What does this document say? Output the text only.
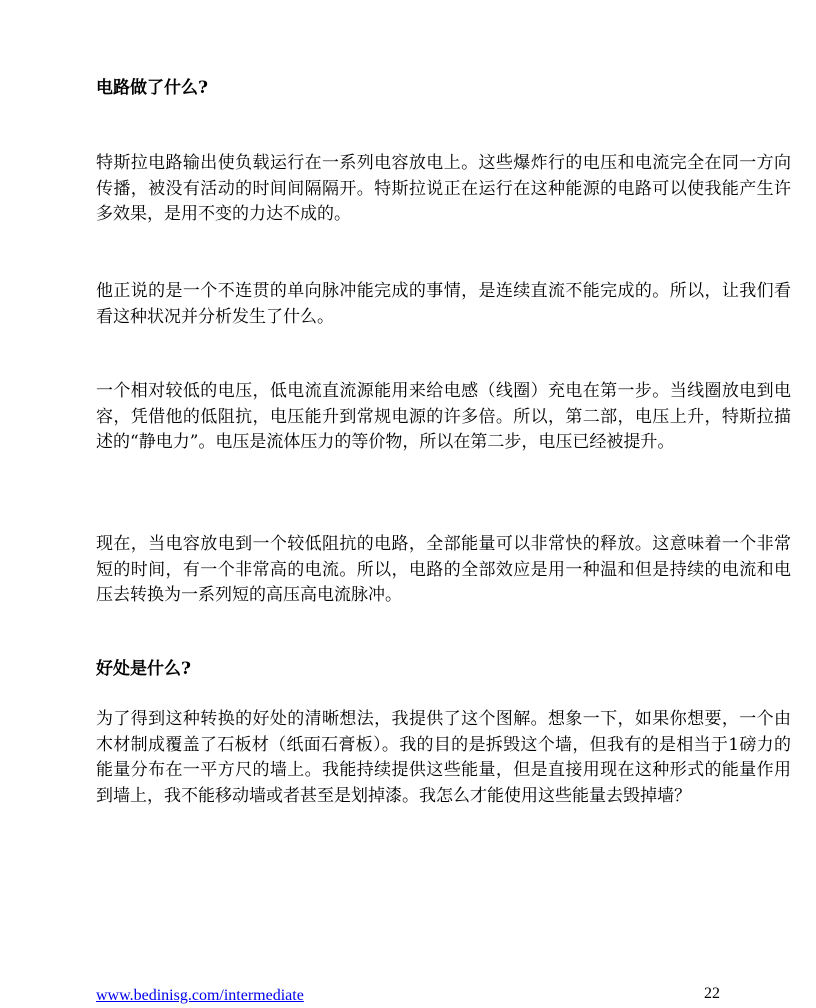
电路做了什么?
特斯拉电路输出使负载运行在一系列电容放电上。这些爆炸行的电压和电流完全在同一方向传播，被没有活动的时间间隔隔开。特斯拉说正在运行在这种能源的电路可以使我能产生许多效果，是用不变的力达不成的。
他正说的是一个不连贯的单向脉冲能完成的事情，是连续直流不能完成的。所以，让我们看看这种状况并分析发生了什么。
一个相对较低的电压，低电流直流源能用来给电感（线圈）充电在第一步。当线圈放电到电容，凭借他的低阻抗，电压能升到常规电源的许多倍。所以，第二部，电压上升，特斯拉描述的“静电力”。电压是流体压力的等价物，所以在第二步，电压已经被提升。
现在，当电容放电到一个较低阻抗的电路，全部能量可以非常快的释放。这意味着一个非常短的时间，有一个非常高的电流。所以，电路的全部效应是用一种温和但是持续的电流和电压去转换为一系列短的高压高电流脉冲。
好处是什么?
为了得到这种转换的好处的清晰想法，我提供了这个图解。想象一下，如果你想要，一个由木材制成覆盖了石板材（纸面石膏板）。我的目的是拆毁这个墙，但我有的是相当于1磅力的能量分布在一平方尺的墙上。我能持续提供这些能量，但是直接用现在这种形式的能量作用到墙上，我不能移动墙或者甚至是划掉漆。我怎么才能使用这些能量去毁掉墙？
www.bedinisg.com/intermediate	22
